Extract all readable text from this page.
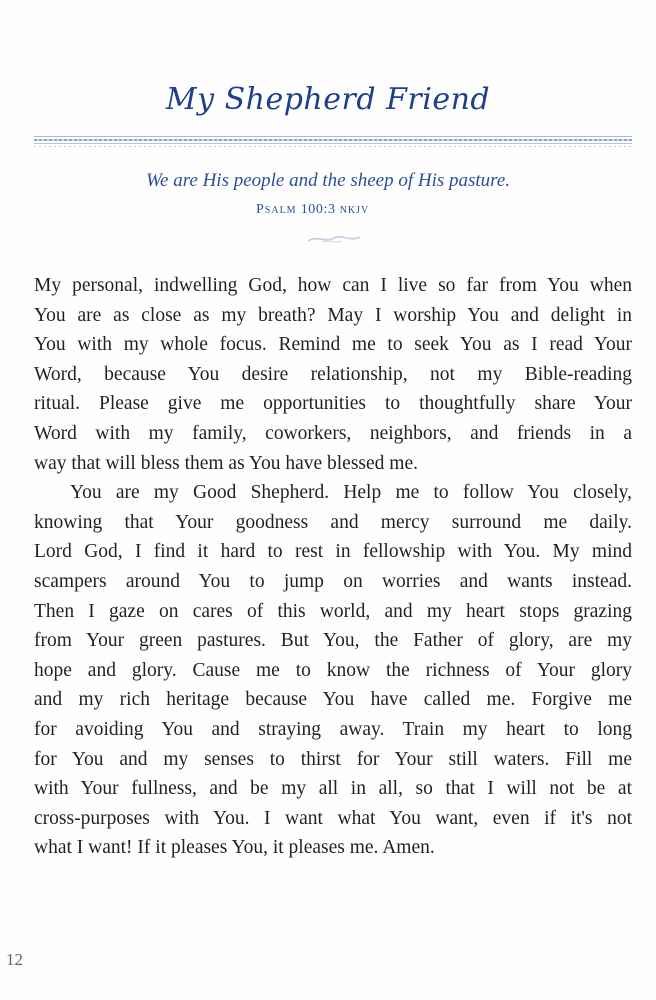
My Shepherd Friend
We are His people and the sheep of His pasture.
Psalm 100:3 nkjv

My personal, indwelling God, how can I live so far from You when
You are as close as my breath? May I worship You and delight in
You with my whole focus. Remind me to seek You as I read Your
Word, because You desire relationship, not my Bible-reading
ritual. Please give me opportunities to thoughtfully share Your
Word with my family, coworkers, neighbors, and friends in a
way that will bless them as You have blessed me.

You are my Good Shepherd. Help me to follow You closely,
knowing that Your goodness and mercy surround me daily.
Lord God, I find it hard to rest in fellowship with You. My mind
scampers around You to jump on worries and wants instead.
Then I gaze on cares of this world, and my heart stops grazing
from Your green pastures. But You, the Father of glory, are my
hope and glory. Cause me to know the richness of Your glory
and my rich heritage because You have called me. Forgive me
for avoiding You and straying away. Train my heart to long
for You and my senses to thirst for Your still waters. Fill me
with Your fullness, and be my all in all, so that I will not be at
cross-purposes with You. I want what You want, even if it's not
what I want! If it pleases You, it pleases me. Amen.

12
